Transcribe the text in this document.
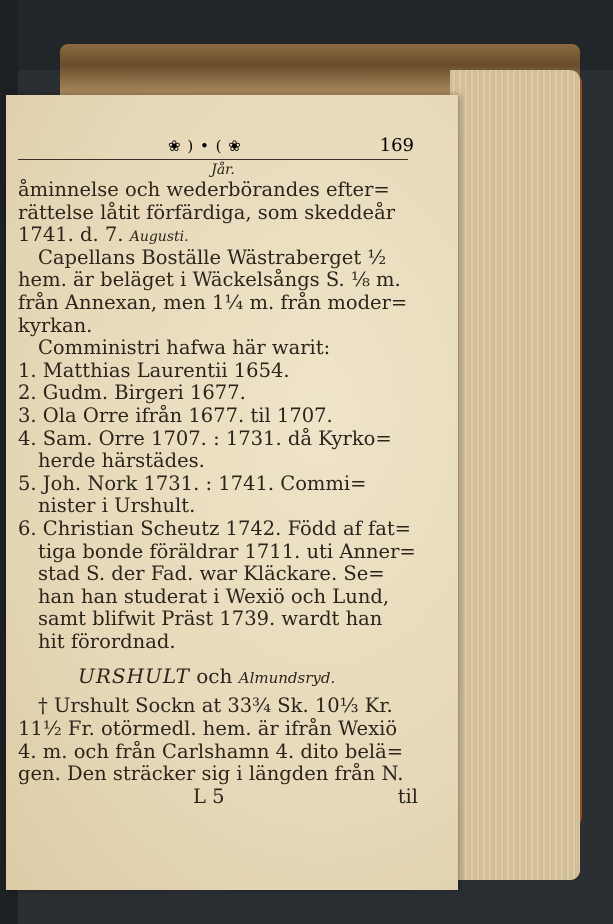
❀ ) • ( ❀	169
Jår.
åminnelse och wederbörandes efter=
rättelse låtit förfärdiga, som skeddeår
1741. d. 7. Augusti.
Capellans Boställe Wästraberget ½
hem. är beläget i Wäckelsångs S. ⅛ m.
från Annexan, men 1¼ m. från moder=
kyrkan.
Comministri hafwa här warit:
1. Matthias Laurentii 1654.
2. Gudm. Birgeri 1677.
3. Ola Orre ifrån 1677. til 1707.
4. Sam. Orre 1707. : 1731. då Kyrko=
herde härstädes.
5. Joh. Nork 1731. : 1741. Commi=
nister i Urshult.
6. Christian Scheutz 1742. Född af fat=
tiga bonde föräldrar 1711. uti Anner=
stad S. der Fad. war Kläckare. Se=
han han studerat i Wexiö och Lund,
samt blifwit Präst 1739. wardt han
hit förordnad.
URSHULT och Almundsryd.
† Urshult Sockn at 33¾ Sk. 10⅓ Kr.
11½ Fr. otörmedl. hem. är ifrån Wexiö
4. m. och från Carlshamn 4. dito belä=
gen. Den sträcker sig i längden från N.
L 5	til
